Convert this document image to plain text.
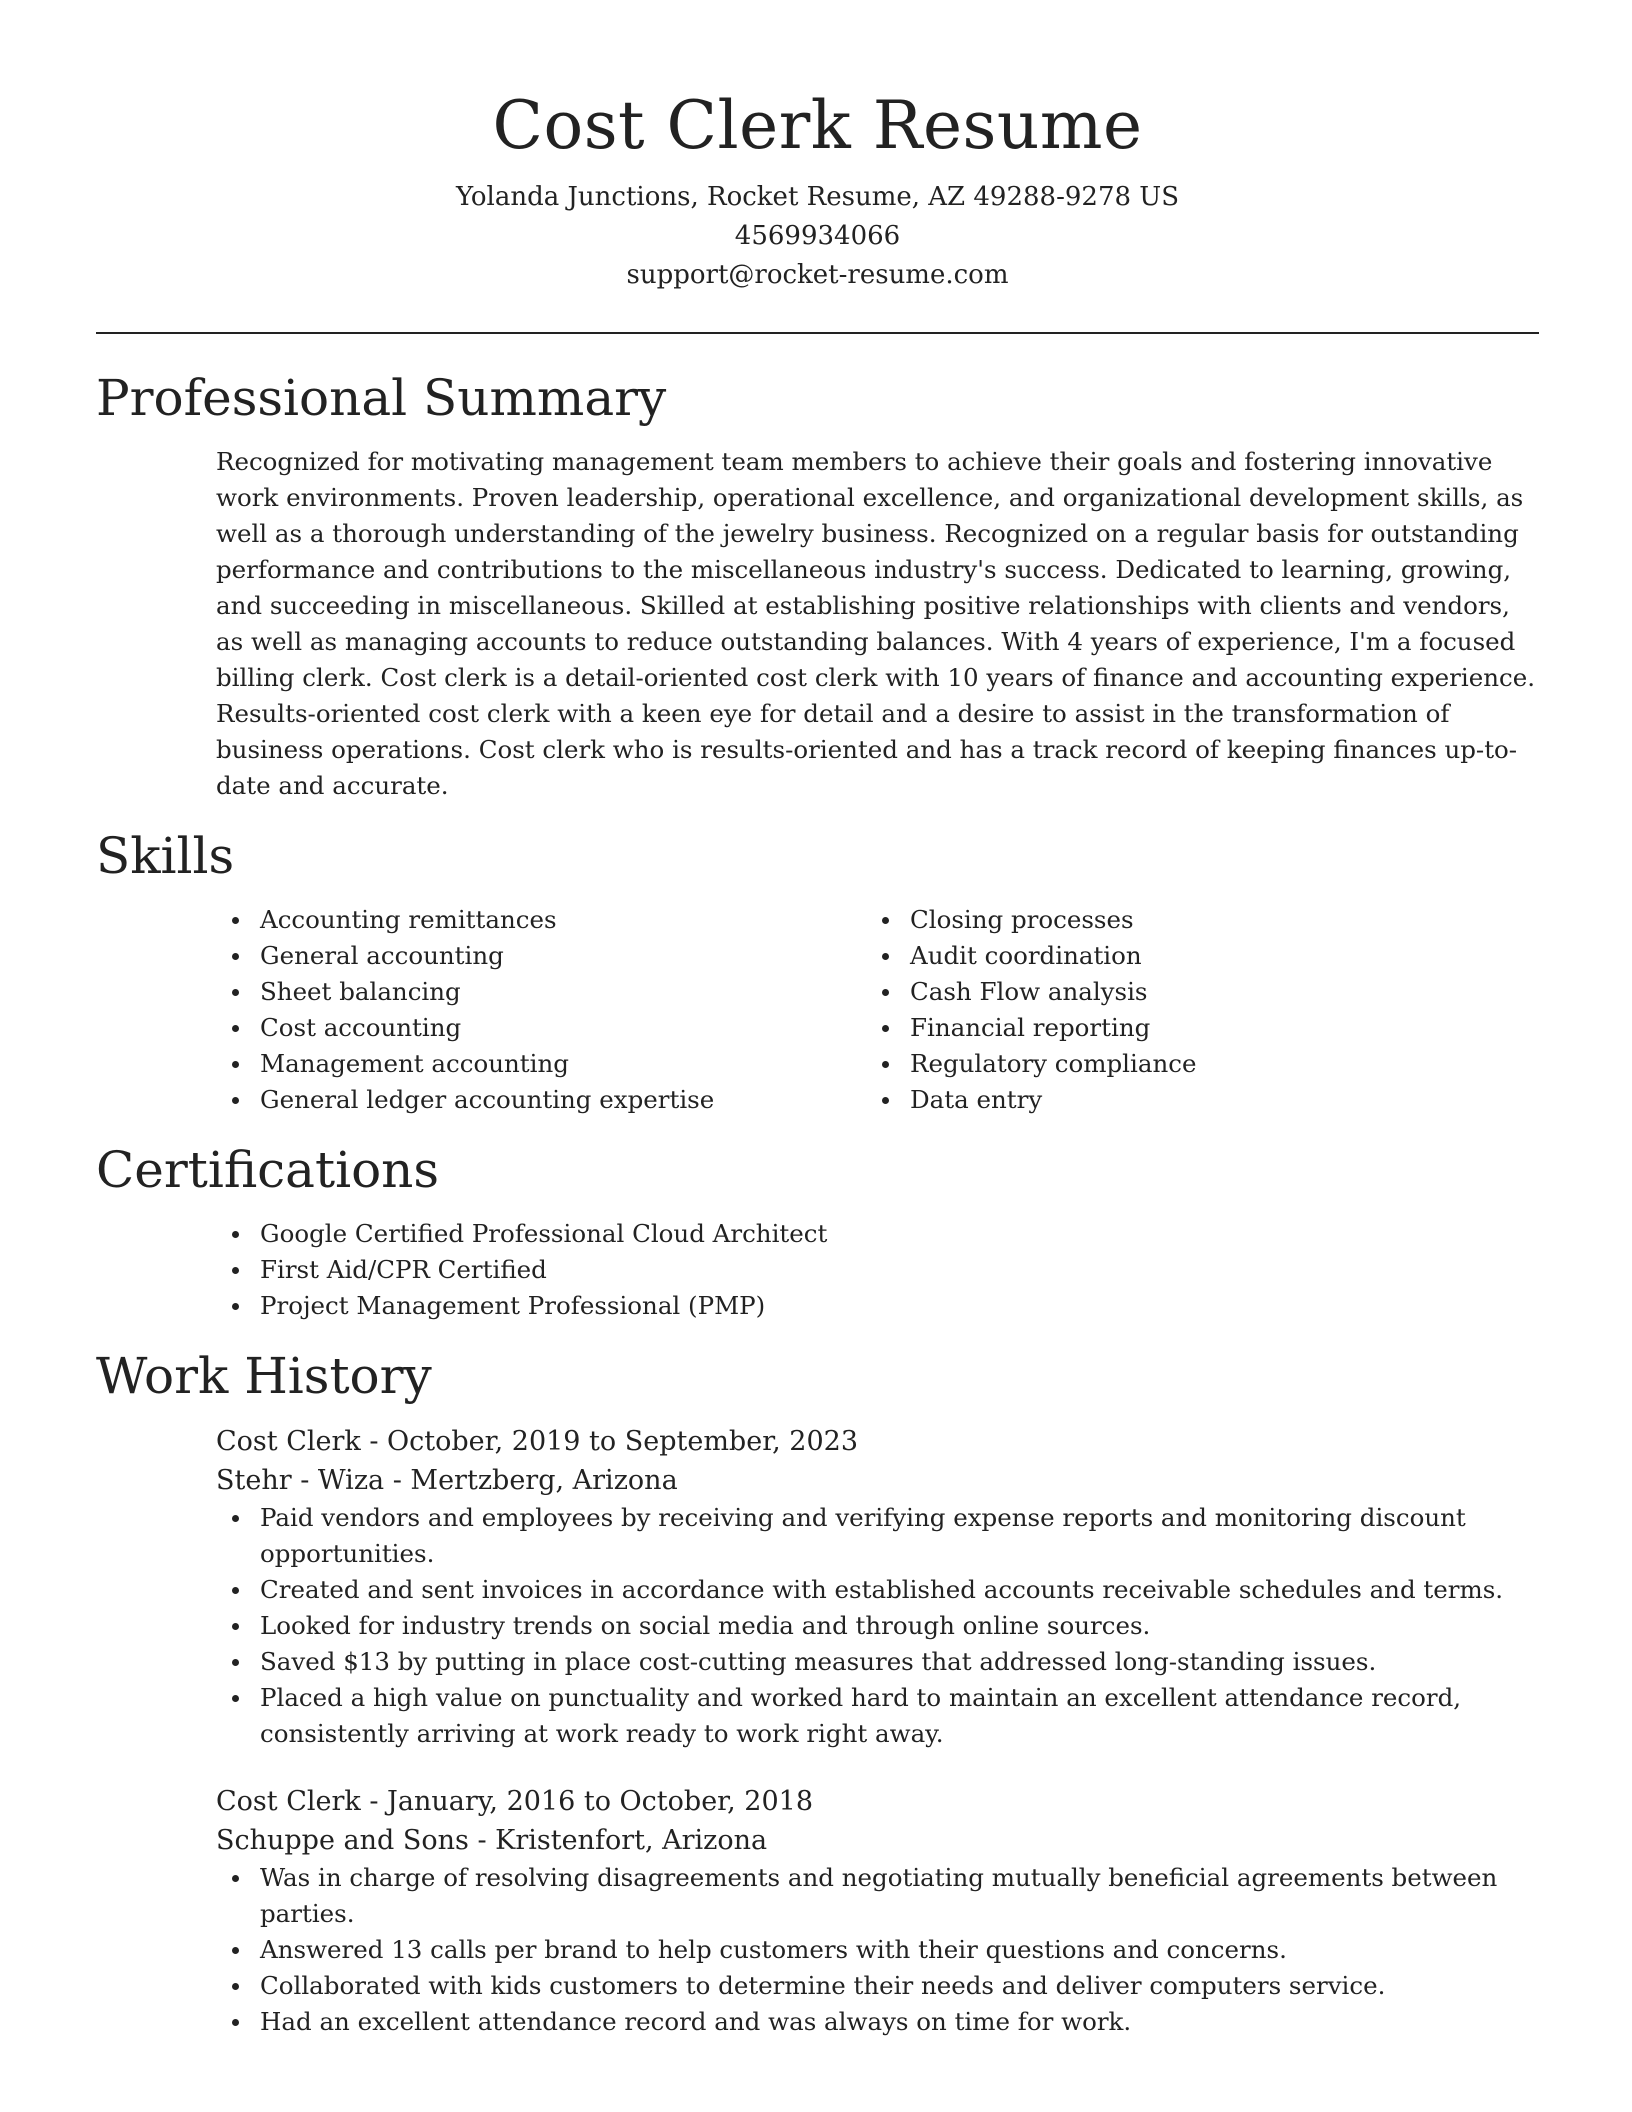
Cost Clerk Resume

Yolanda Junctions, Rocket Resume, AZ 49288-9278 US

4569934066

support@rocket-resume.com

Professional Summary

Recognized for motivating management team members to achieve their goals and fostering innovative work environments. Proven leadership, operational excellence, and organizational development skills, as well as a thorough understanding of the jewelry business. Recognized on a regular basis for outstanding performance and contributions to the miscellaneous industry's success. Dedicated to learning, growing, and succeeding in miscellaneous. Skilled at establishing positive relationships with clients and vendors, as well as managing accounts to reduce outstanding balances. With 4 years of experience, I'm a focused billing clerk. Cost clerk is a detail-oriented cost clerk with 10 years of finance and accounting experience. Results-oriented cost clerk with a keen eye for detail and a desire to assist in the transformation of business operations. Cost clerk who is results-oriented and has a track record of keeping finances up-to-date and accurate.

Skills
Accounting remittances
General accounting
Sheet balancing
Cost accounting
Management accounting
General ledger accounting expertise
Closing processes
Audit coordination
Cash Flow analysis
Financial reporting
Regulatory compliance
Data entry
Certifications
Google Certified Professional Cloud Architect
First Aid/CPR Certified
Project Management Professional (PMP)
Work History

Cost Clerk - October, 2019 to September, 2023

Stehr - Wiza - Mertzberg, Arizona

Paid vendors and employees by receiving and verifying expense reports and monitoring discount opportunities.
Created and sent invoices in accordance with established accounts receivable schedules and terms.
Looked for industry trends on social media and through online sources.
Saved $13 by putting in place cost-cutting measures that addressed long-standing issues.
Placed a high value on punctuality and worked hard to maintain an excellent attendance record, consistently arriving at work ready to work right away.

Cost Clerk - January, 2016 to October, 2018

Schuppe and Sons - Kristenfort, Arizona

Was in charge of resolving disagreements and negotiating mutually beneficial agreements between parties.
Answered 13 calls per brand to help customers with their questions and concerns.
Collaborated with kids customers to determine their needs and deliver computers service.
Had an excellent attendance record and was always on time for work.
